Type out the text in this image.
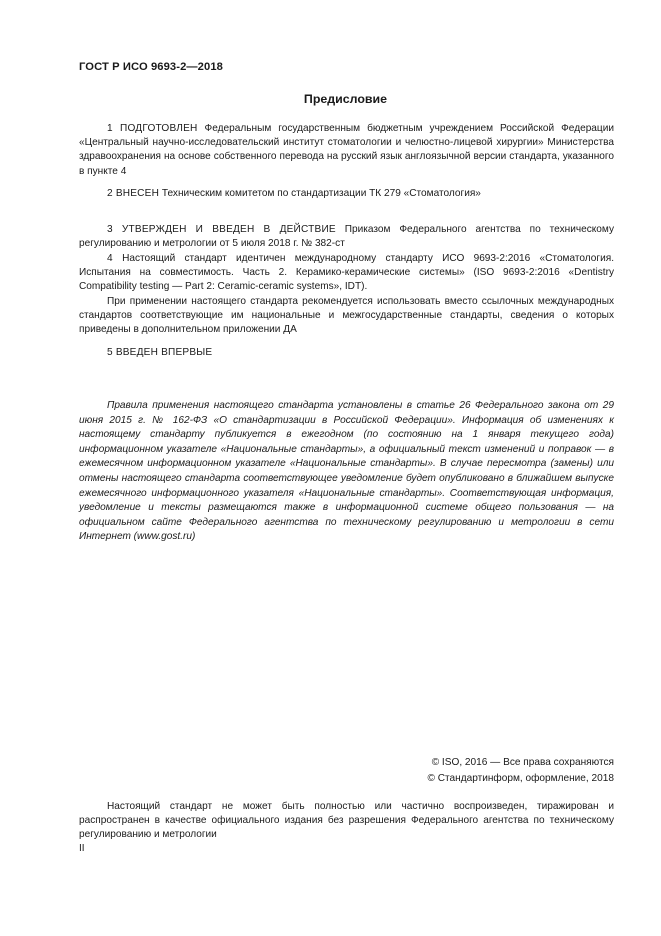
ГОСТ Р ИСО 9693-2—2018
Предисловие
1 ПОДГОТОВЛЕН Федеральным государственным бюджетным учреждением Российской Федерации «Центральный научно-исследовательский институт стоматологии и челюстно-лицевой хирургии» Министерства здравоохранения на основе собственного перевода на русский язык англоязычной версии стандарта, указанного в пункте 4
2 ВНЕСЕН Техническим комитетом по стандартизации ТК 279 «Стоматология»
3 УТВЕРЖДЕН И ВВЕДЕН В ДЕЙСТВИЕ Приказом Федерального агентства по техническому регулированию и метрологии от 5 июля 2018 г. № 382-ст
4 Настоящий стандарт идентичен международному стандарту ИСО 9693-2:2016 «Стоматология. Испытания на совместимость. Часть 2. Керамико-керамические системы» (ISO 9693-2:2016 «Dentistry Compatibility testing — Part 2: Ceramic-ceramic systems», IDT).
При применении настоящего стандарта рекомендуется использовать вместо ссылочных международных стандартов соответствующие им национальные и межгосударственные стандарты, сведения о которых приведены в дополнительном приложении ДА
5 ВВЕДЕН ВПЕРВЫЕ
Правила применения настоящего стандарта установлены в статье 26 Федерального закона от 29 июня 2015 г. № 162-ФЗ «О стандартизации в Российской Федерации». Информация об изменениях к настоящему стандарту публикуется в ежегодном (по состоянию на 1 января текущего года) информационном указателе «Национальные стандарты», а официальный текст изменений и поправок — в ежемесячном информационном указателе «Национальные стандарты». В случае пересмотра (замены) или отмены настоящего стандарта соответствующее уведомление будет опубликовано в ближайшем выпуске ежемесячного информационного указателя «Национальные стандарты». Соответствующая информация, уведомление и тексты размещаются также в информационной системе общего пользования — на официальном сайте Федерального агентства по техническому регулированию и метрологии в сети Интернет (www.gost.ru)
© ISO, 2016 — Все права сохраняются
© Стандартинформ, оформление, 2018
Настоящий стандарт не может быть полностью или частично воспроизведен, тиражирован и распространен в качестве официального издания без разрешения Федерального агентства по техническому регулированию и метрологии
II
